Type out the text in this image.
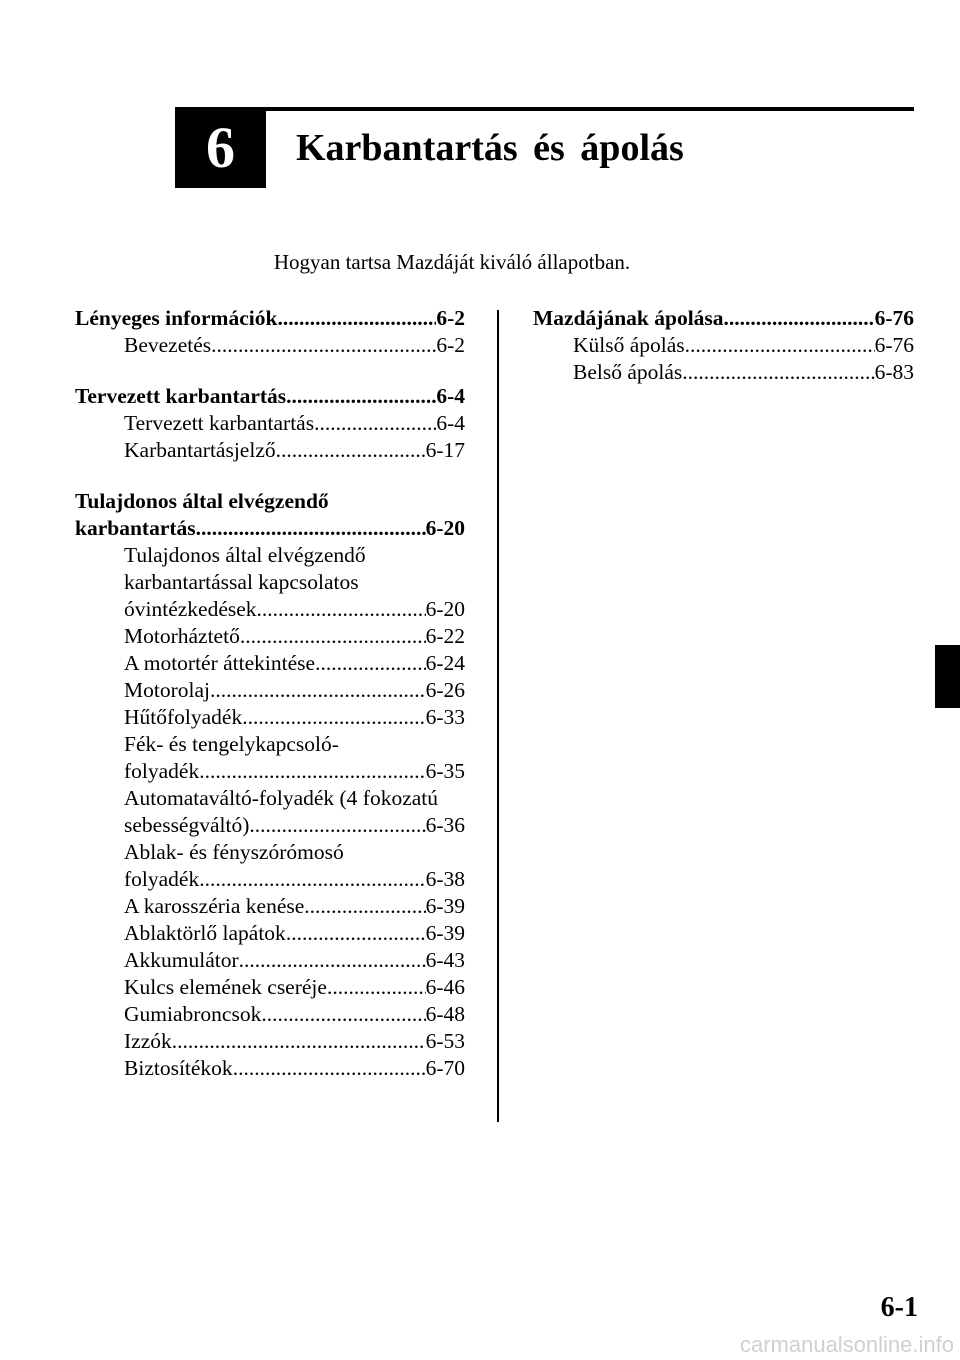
6 Karbantartás és ápolás
Hogyan tartsa Mazdáját kiváló állapotban.
Lényeges információk .....	6-2
Bevezetés .....	6-2
Tervezett karbantartás .....	6-4
Tervezett karbantartás .....	6-4
Karbantartásjelző .....	6-17
Tulajdonos által elvégzendő
karbantartás .....	6-20
Tulajdonos által elvégzendő
karbantartással kapcsolatos
óvintézkedések .....	6-20
Motorháztető .....	6-22
A motortér áttekintése .....	6-24
Motorolaj .....	6-26
Hűtőfolyadék .....	6-33
Fék- és tengelykapcsoló-
folyadék .....	6-35
Automataváltó-folyadék (4 fokozatú
sebességváltó) .....	6-36
Ablak- és fényszórómosó
folyadék .....	6-38
A karosszéria kenése .....	6-39
Ablaktörlő lapátok .....	6-39
Akkumulátor .....	6-43
Kulcs elemének cseréje .....	6-46
Gumiabroncsok .....	6-48
Izzók .....	6-53
Biztosítékok .....	6-70
Mazdájának ápolása .....	6-76
Külső ápolás .....	6-76
Belső ápolás .....	6-83
6-1
carmanualsonline.info
